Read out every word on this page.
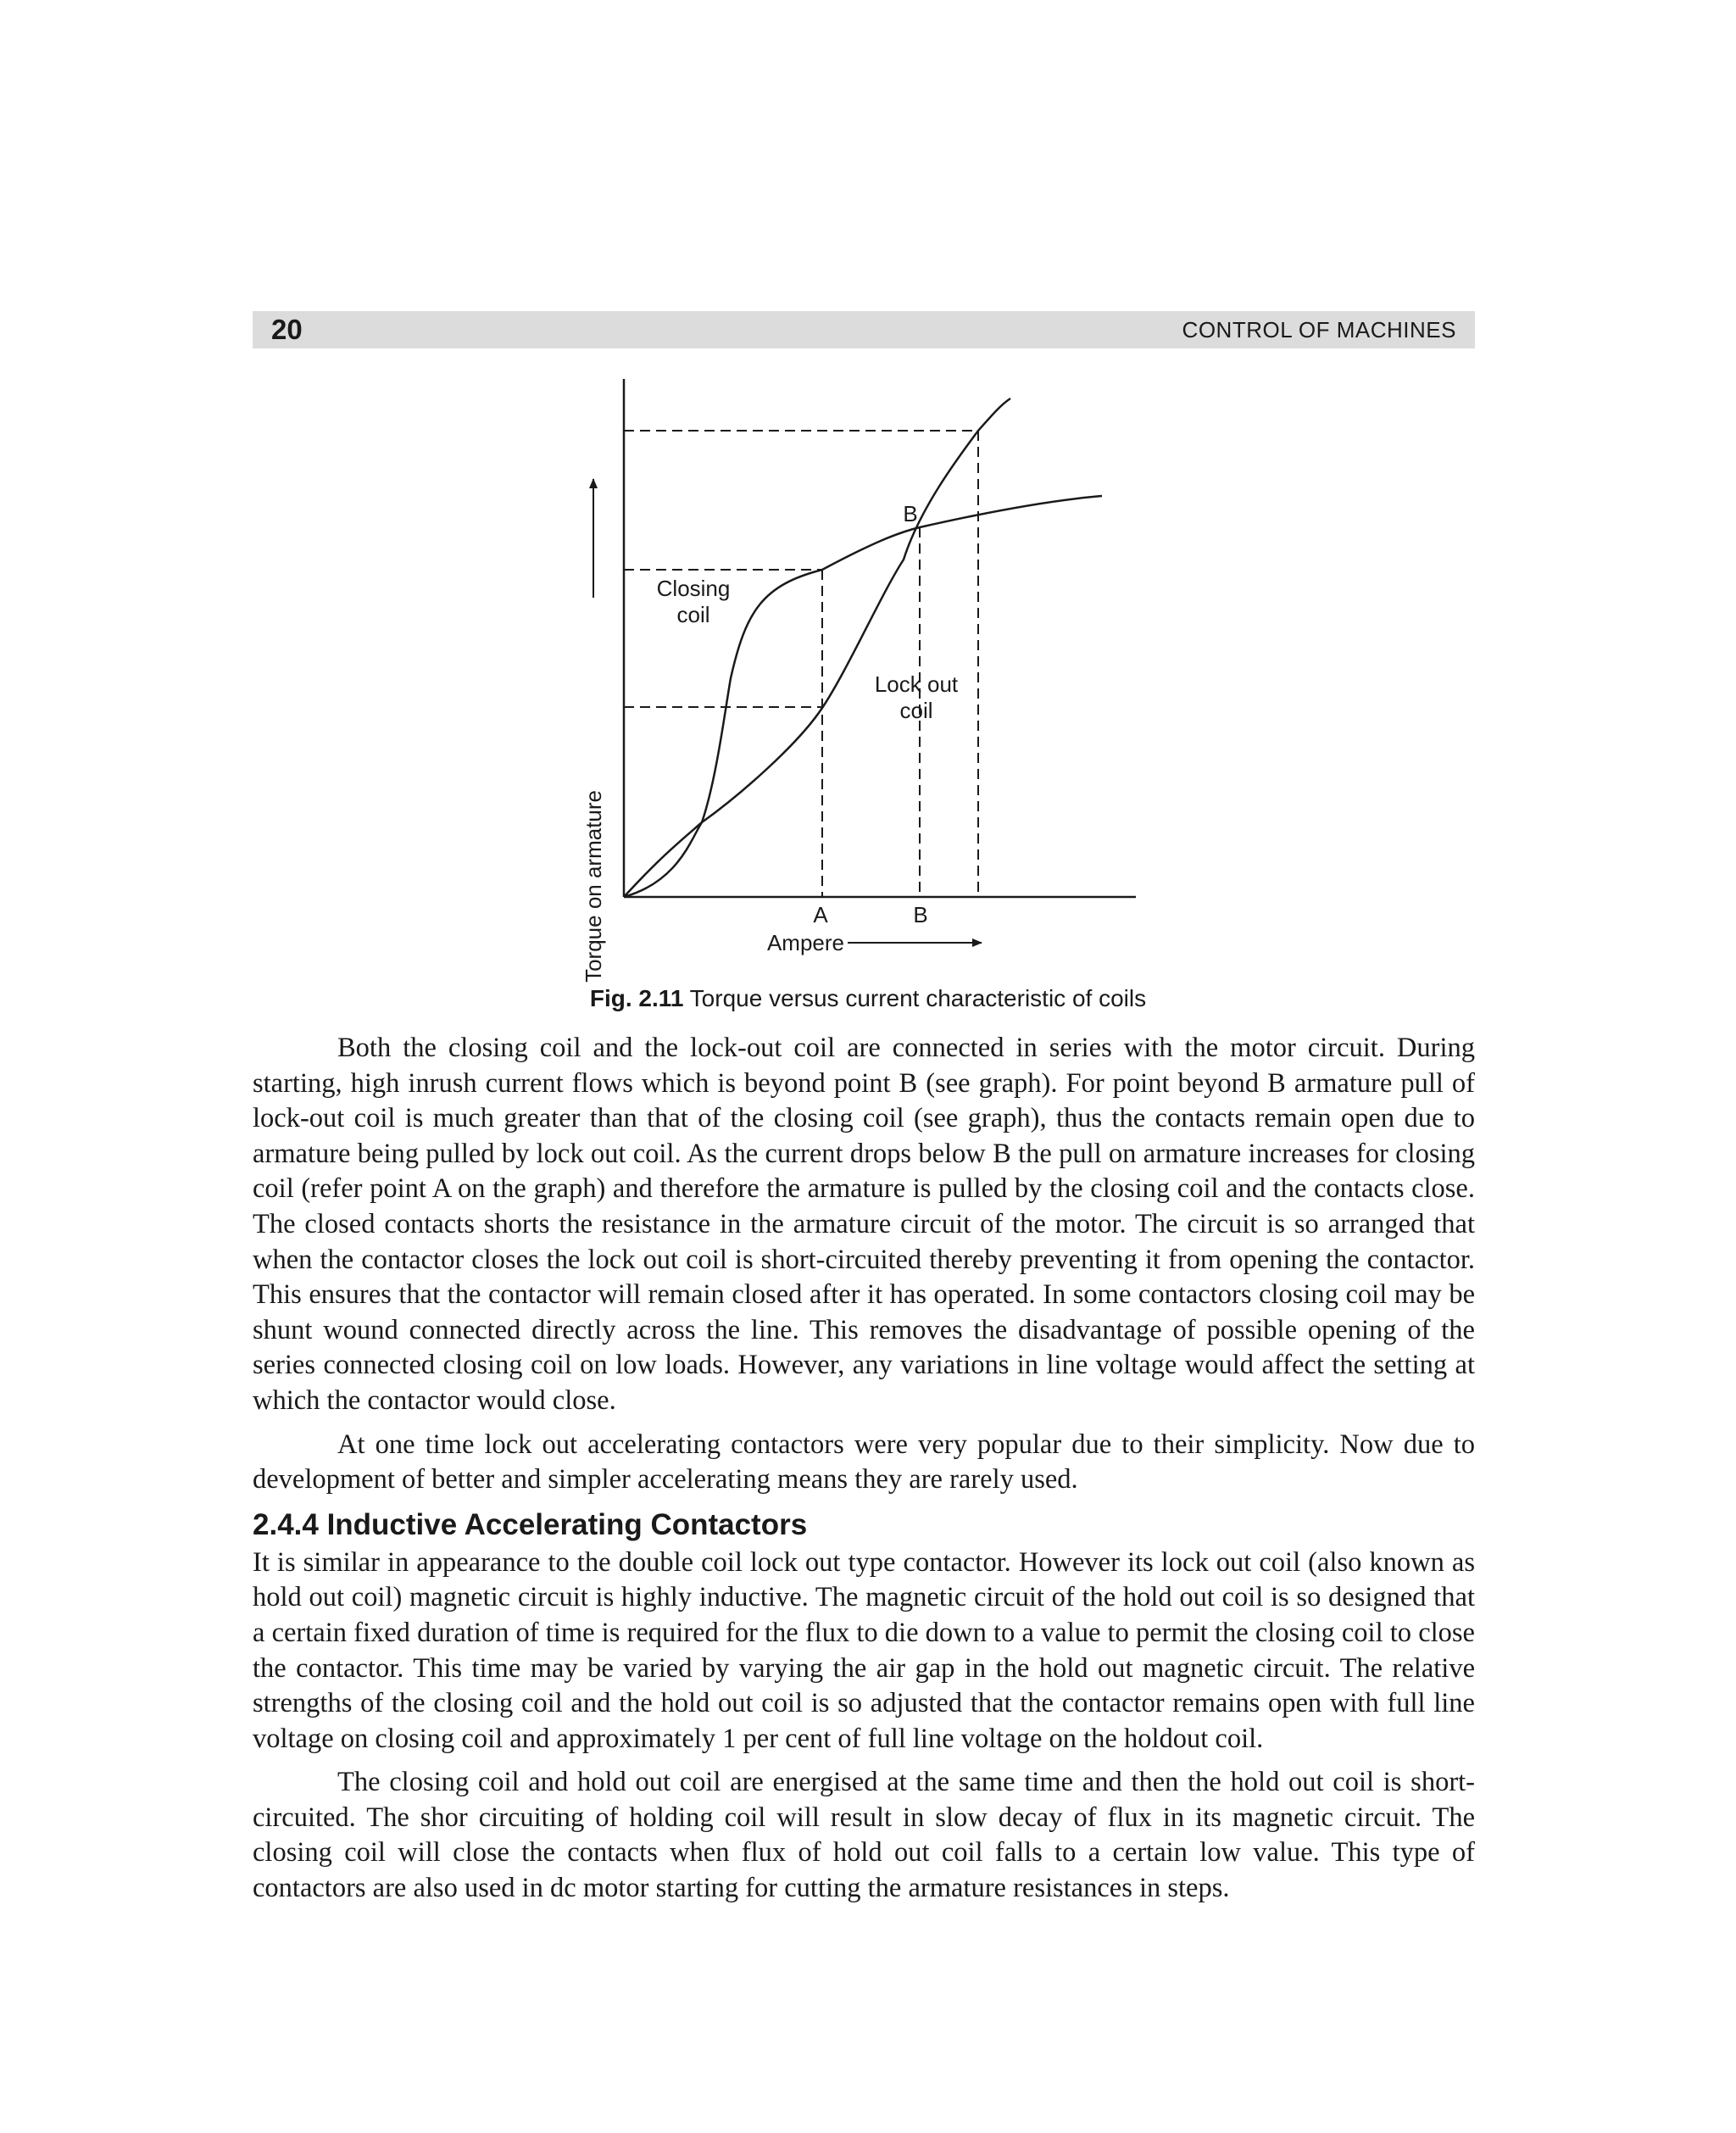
20	CONTROL OF MACHINES
Torque on armature	Ampere
Closing
coil
Lock out
coil
B
A	B
Fig. 2.11 Torque versus current characteristic of coils

Both the closing coil and the lock-out coil are connected in series with the motor circuit. During starting, high inrush current flows which is beyond point B (see graph). For point beyond B armature pull of lock-out coil is much greater than that of the closing coil (see graph), thus the contacts remain open due to armature being pulled by lock out coil. As the current drops below B the pull on armature increases for closing coil (refer point A on the graph) and therefore the armature is pulled by the closing coil and the contacts close. The closed contacts shorts the resistance in the armature circuit of the motor. The circuit is so arranged that when the contactor closes the lock out coil is short-circuited thereby preventing it from opening the contactor. This ensures that the contactor will remain closed after it has operated. In some contactors closing coil may be shunt wound connected directly across the line. This removes the disadvantage of possible opening of the series connected closing coil on low loads. However, any variations in line voltage would affect the setting at which the contactor would close.

At one time lock out accelerating contactors were very popular due to their simplicity. Now due to development of better and simpler accelerating means they are rarely used.

2.4.4 Inductive Accelerating Contactors

It is similar in appearance to the double coil lock out type contactor. However its lock out coil (also known as hold out coil) magnetic circuit is highly inductive. The magnetic circuit of the hold out coil is so designed that a certain fixed duration of time is required for the flux to die down to a value to permit the closing coil to close the contactor. This time may be varied by varying the air gap in the hold out magnetic circuit. The relative strengths of the closing coil and the hold out coil is so adjusted that the contactor remains open with full line voltage on closing coil and approximately 1 per cent of full line voltage on the holdout coil.

The closing coil and hold out coil are energised at the same time and then the hold out coil is short-circuited. The shor circuiting of holding coil will result in slow decay of flux in its magnetic circuit. The closing coil will close the contacts when flux of hold out coil falls to a certain low value. This type of contactors are also used in dc motor starting for cutting the armature resistances in steps.
